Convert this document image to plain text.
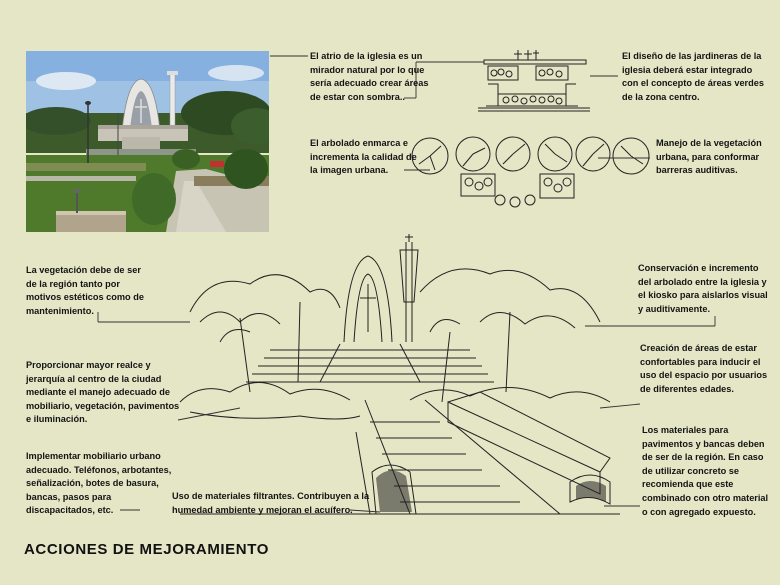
El atrio de la iglesia es un
mirador natural por lo que
sería adecuado crear áreas
de estar con sombra..
El diseño de las jardineras de la
iglesia deberá estar integrado
con el concepto de áreas verdes
de la zona centro.
El arbolado enmarca e
incrementa la calidad de
la imagen urbana.
Manejo de la vegetación
urbana, para conformar
barreras auditivas.
La vegetación debe de ser
de la región tanto por
motivos estéticos como de
mantenimiento.
Conservación e incremento
del arbolado entre la iglesia y
el kiosko para aislarlos visual
y auditivamente.
Proporcionar mayor realce y
jerarquía al centro de la ciudad
mediante el manejo adecuado de
mobiliario, vegetación, pavimentos
e iluminación.
Creación de áreas de estar
confortables para inducir el
uso del espacio por usuarios
de diferentes edades.
Implementar mobiliario urbano
adecuado. Teléfonos, arbotantes,
señalización, botes de basura,
bancas, pasos para
discapacitados, etc.
Uso de materiales filtrantes. Contribuyen a la
humedad ambiente y mejoran el acuífero.
Los materiales para
pavimentos y bancas deben
de ser de la región. En caso
de utilizar concreto se
recomienda que este
combinado con otro material
o con agregado expuesto.
ACCIONES DE MEJORAMIENTO
